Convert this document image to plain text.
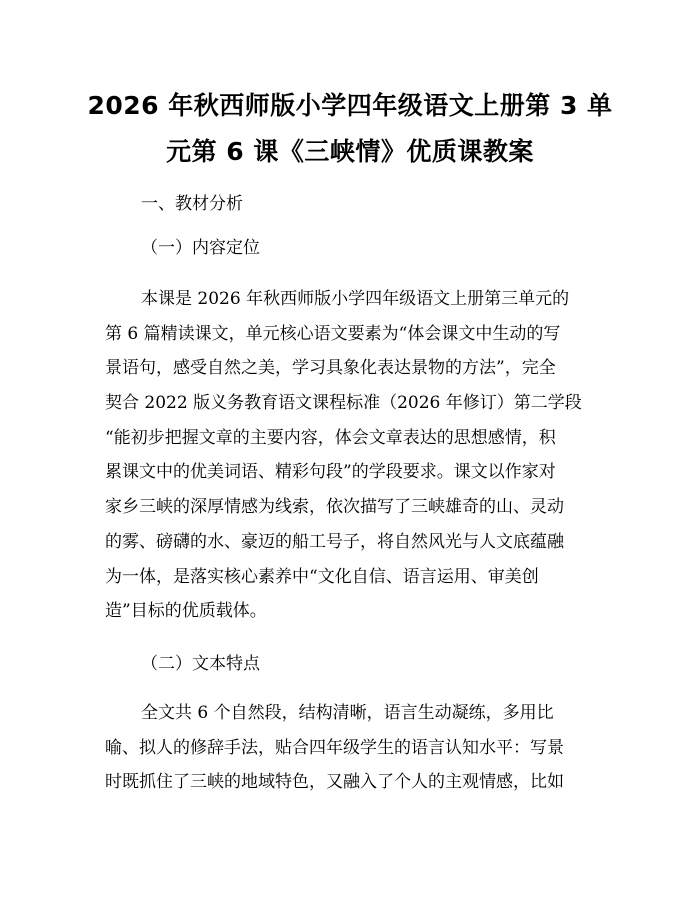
2026 年秋西师版小学四年级语文上册第 3 单
元第 6 课《三峡情》优质课教案
一、教材分析
（一）内容定位
本课是 2026 年秋西师版小学四年级语文上册第三单元的
第 6 篇精读课文，单元核心语文要素为“体会课文中生动的写
景语句，感受自然之美，学习具象化表达景物的方法”，完全
契合 2022 版义务教育语文课程标准（2026 年修订）第二学段
“能初步把握文章的主要内容，体会文章表达的思想感情，积
累课文中的优美词语、精彩句段”的学段要求。课文以作家对
家乡三峡的深厚情感为线索，依次描写了三峡雄奇的山、灵动
的雾、磅礴的水、豪迈的船工号子，将自然风光与人文底蕴融
为一体，是落实核心素养中“文化自信、语言运用、审美创
造”目标的优质载体。
（二）文本特点
全文共 6 个自然段，结构清晰，语言生动凝练，多用比
喻、拟人的修辞手法，贴合四年级学生的语言认知水平：写景
时既抓住了三峡的地域特色，又融入了个人的主观情感，比如
